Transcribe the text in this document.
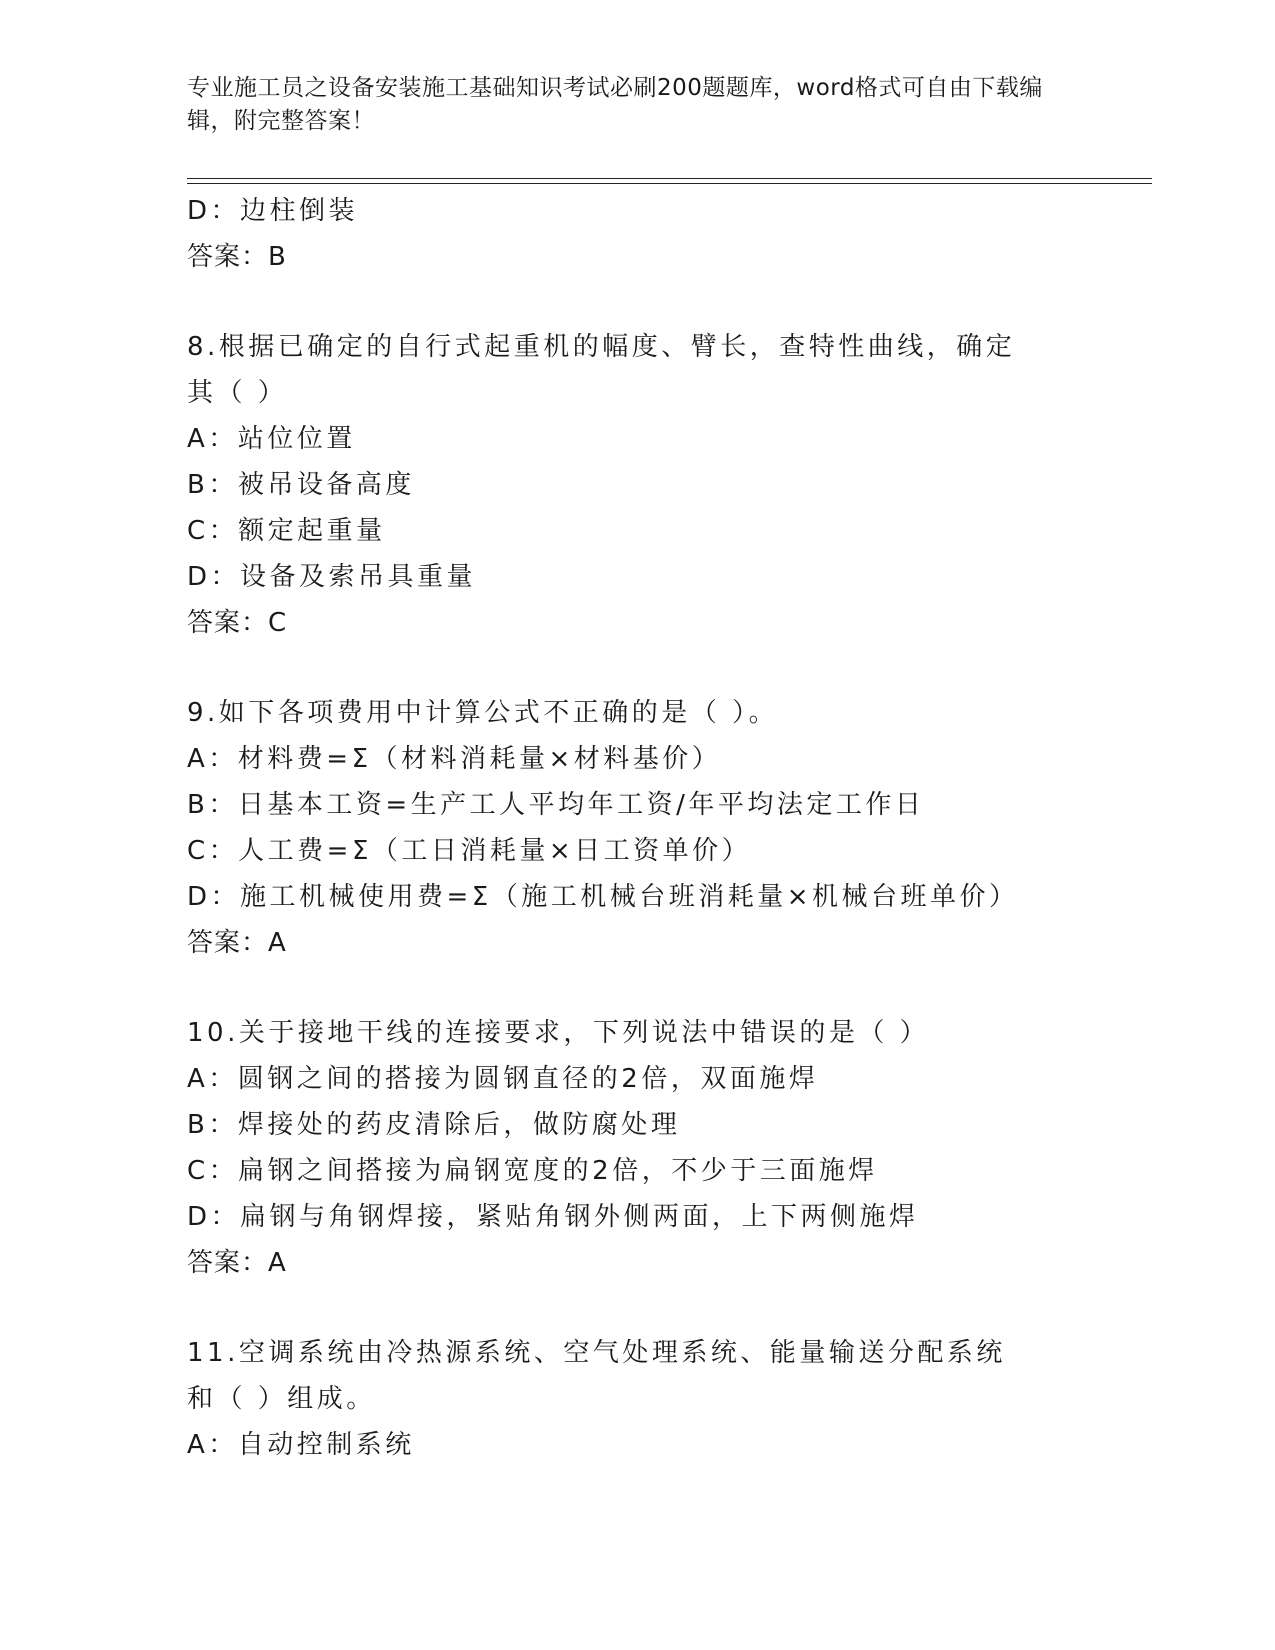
专业施工员之设备安装施工基础知识考试必刷200题题库，word格式可自由下载编辑，附完整答案！
D：边柱倒装
答案：B
8.根据已确定的自行式起重机的幅度、臂长，查特性曲线，确定其（ ）
A：站位位置
B：被吊设备高度
C：额定起重量
D：设备及索吊具重量
答案：C
9.如下各项费用中计算公式不正确的是（ ）。
A：材料费=Σ（材料消耗量×材料基价）
B：日基本工资=生产工人平均年工资/年平均法定工作日
C：人工费=Σ（工日消耗量×日工资单价）
D：施工机械使用费=Σ（施工机械台班消耗量×机械台班单价）
答案：A
10.关于接地干线的连接要求，下列说法中错误的是（ ）
A：圆钢之间的搭接为圆钢直径的2倍，双面施焊
B：焊接处的药皮清除后，做防腐处理
C：扁钢之间搭接为扁钢宽度的2倍，不少于三面施焊
D：扁钢与角钢焊接，紧贴角钢外侧两面，上下两侧施焊
答案：A
11.空调系统由冷热源系统、空气处理系统、能量输送分配系统和（ ）组成。
A：自动控制系统
